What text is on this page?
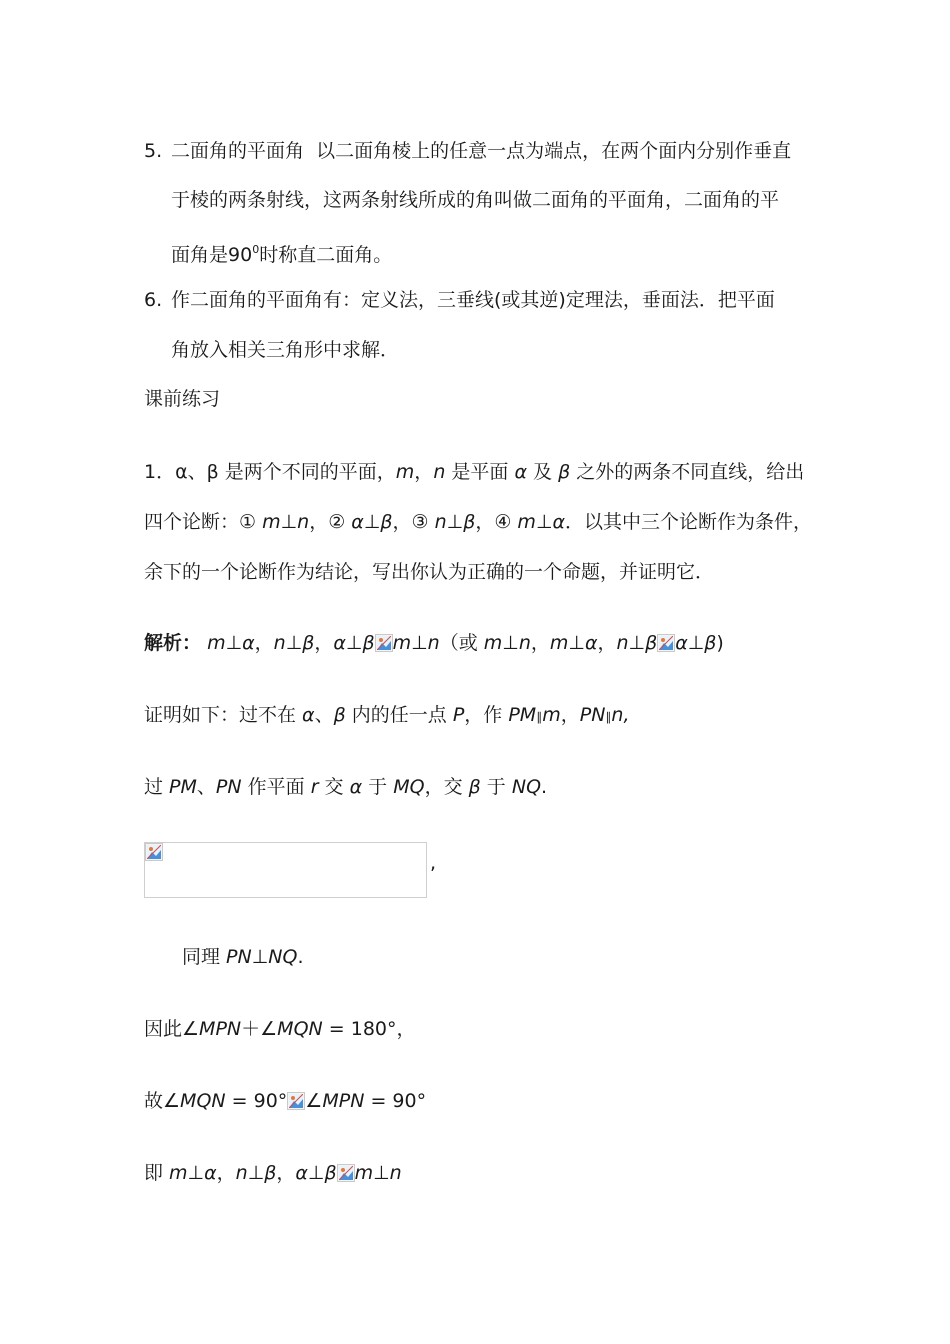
5. 二面角的平面角 以二面角棱上的任意一点为端点，在两个面内分别作垂直
于棱的两条射线，这两条射线所成的角叫做二面角的平面角，二面角的平
面角是$90^0$时称直二面角。
6. 作二面角的平面角有：定义法，三垂线(或其逆)定理法，垂面法．把平面
角放入相关三角形中求解．
课前练习
1．α、β 是两个不同的平面，m，n 是平面 α 及 β 之外的两条不同直线，给出
四个论断：① m⊥n，② α⊥β，③ n⊥β，④ m⊥α．以其中三个论断作为条件，
余下的一个论断作为结论，写出你认为正确的一个命题，并证明它．
解析： m⊥α，n⊥β，α⊥β m⊥n（或 m⊥n，m⊥α，n⊥β α⊥β)
证明如下：过不在 α、β 内的任一点 P，作 PM∥m，PN∥n,
过 PM、PN 作平面 r 交 α 于 MQ，交 β 于 NQ.
,
同理 PN⊥NQ.
因此∠MPN＋∠MQN = 180°，
故∠MQN = 90° ∠MPN = 90°
即 m⊥α，n⊥β，α⊥β m⊥n
